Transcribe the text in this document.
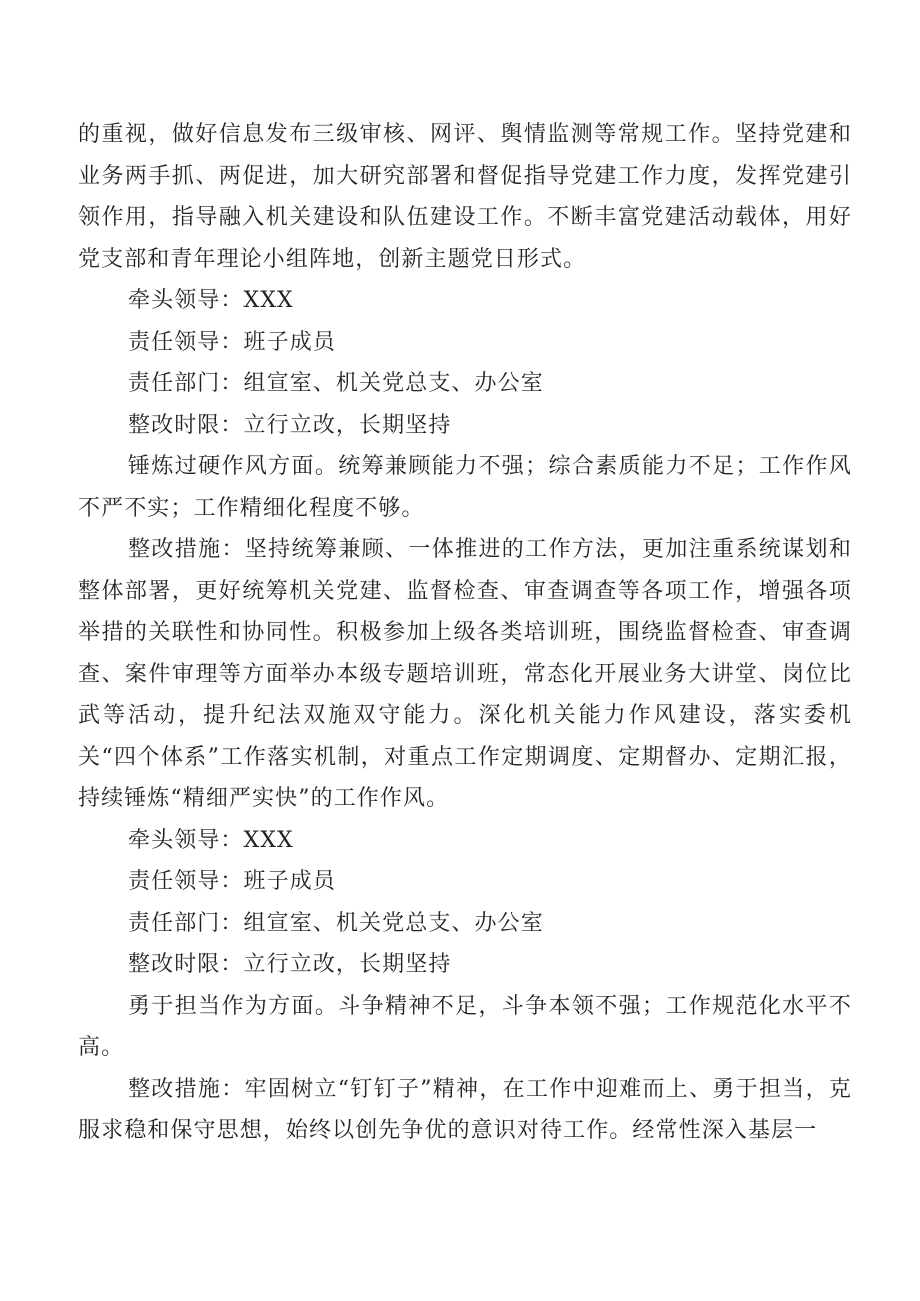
的重视，做好信息发布三级审核、网评、舆情监测等常规工作。坚持党建和业务两手抓、两促进，加大研究部署和督促指导党建工作力度，发挥党建引领作用，指导融入机关建设和队伍建设工作。不断丰富党建活动载体，用好党支部和青年理论小组阵地，创新主题党日形式。

牵头领导：XXX

责任领导：班子成员

责任部门：组宣室、机关党总支、办公室

整改时限：立行立改，长期坚持

锤炼过硬作风方面。统筹兼顾能力不强；综合素质能力不足；工作作风不严不实；工作精细化程度不够。

整改措施：坚持统筹兼顾、一体推进的工作方法，更加注重系统谋划和整体部署，更好统筹机关党建、监督检查、审查调查等各项工作，增强各项举措的关联性和协同性。积极参加上级各类培训班，围绕监督检查、审查调查、案件审理等方面举办本级专题培训班，常态化开展业务大讲堂、岗位比武等活动，提升纪法双施双守能力。深化机关能力作风建设，落实委机关“四个体系”工作落实机制，对重点工作定期调度、定期督办、定期汇报，持续锤炼“精细严实快”的工作作风。

牵头领导：XXX

责任领导：班子成员

责任部门：组宣室、机关党总支、办公室

整改时限：立行立改，长期坚持

勇于担当作为方面。斗争精神不足，斗争本领不强；工作规范化水平不高。

整改措施：牢固树立“钉钉子”精神，在工作中迎难而上、勇于担当，克服求稳和保守思想，始终以创先争优的意识对待工作。经常性深入基层一
